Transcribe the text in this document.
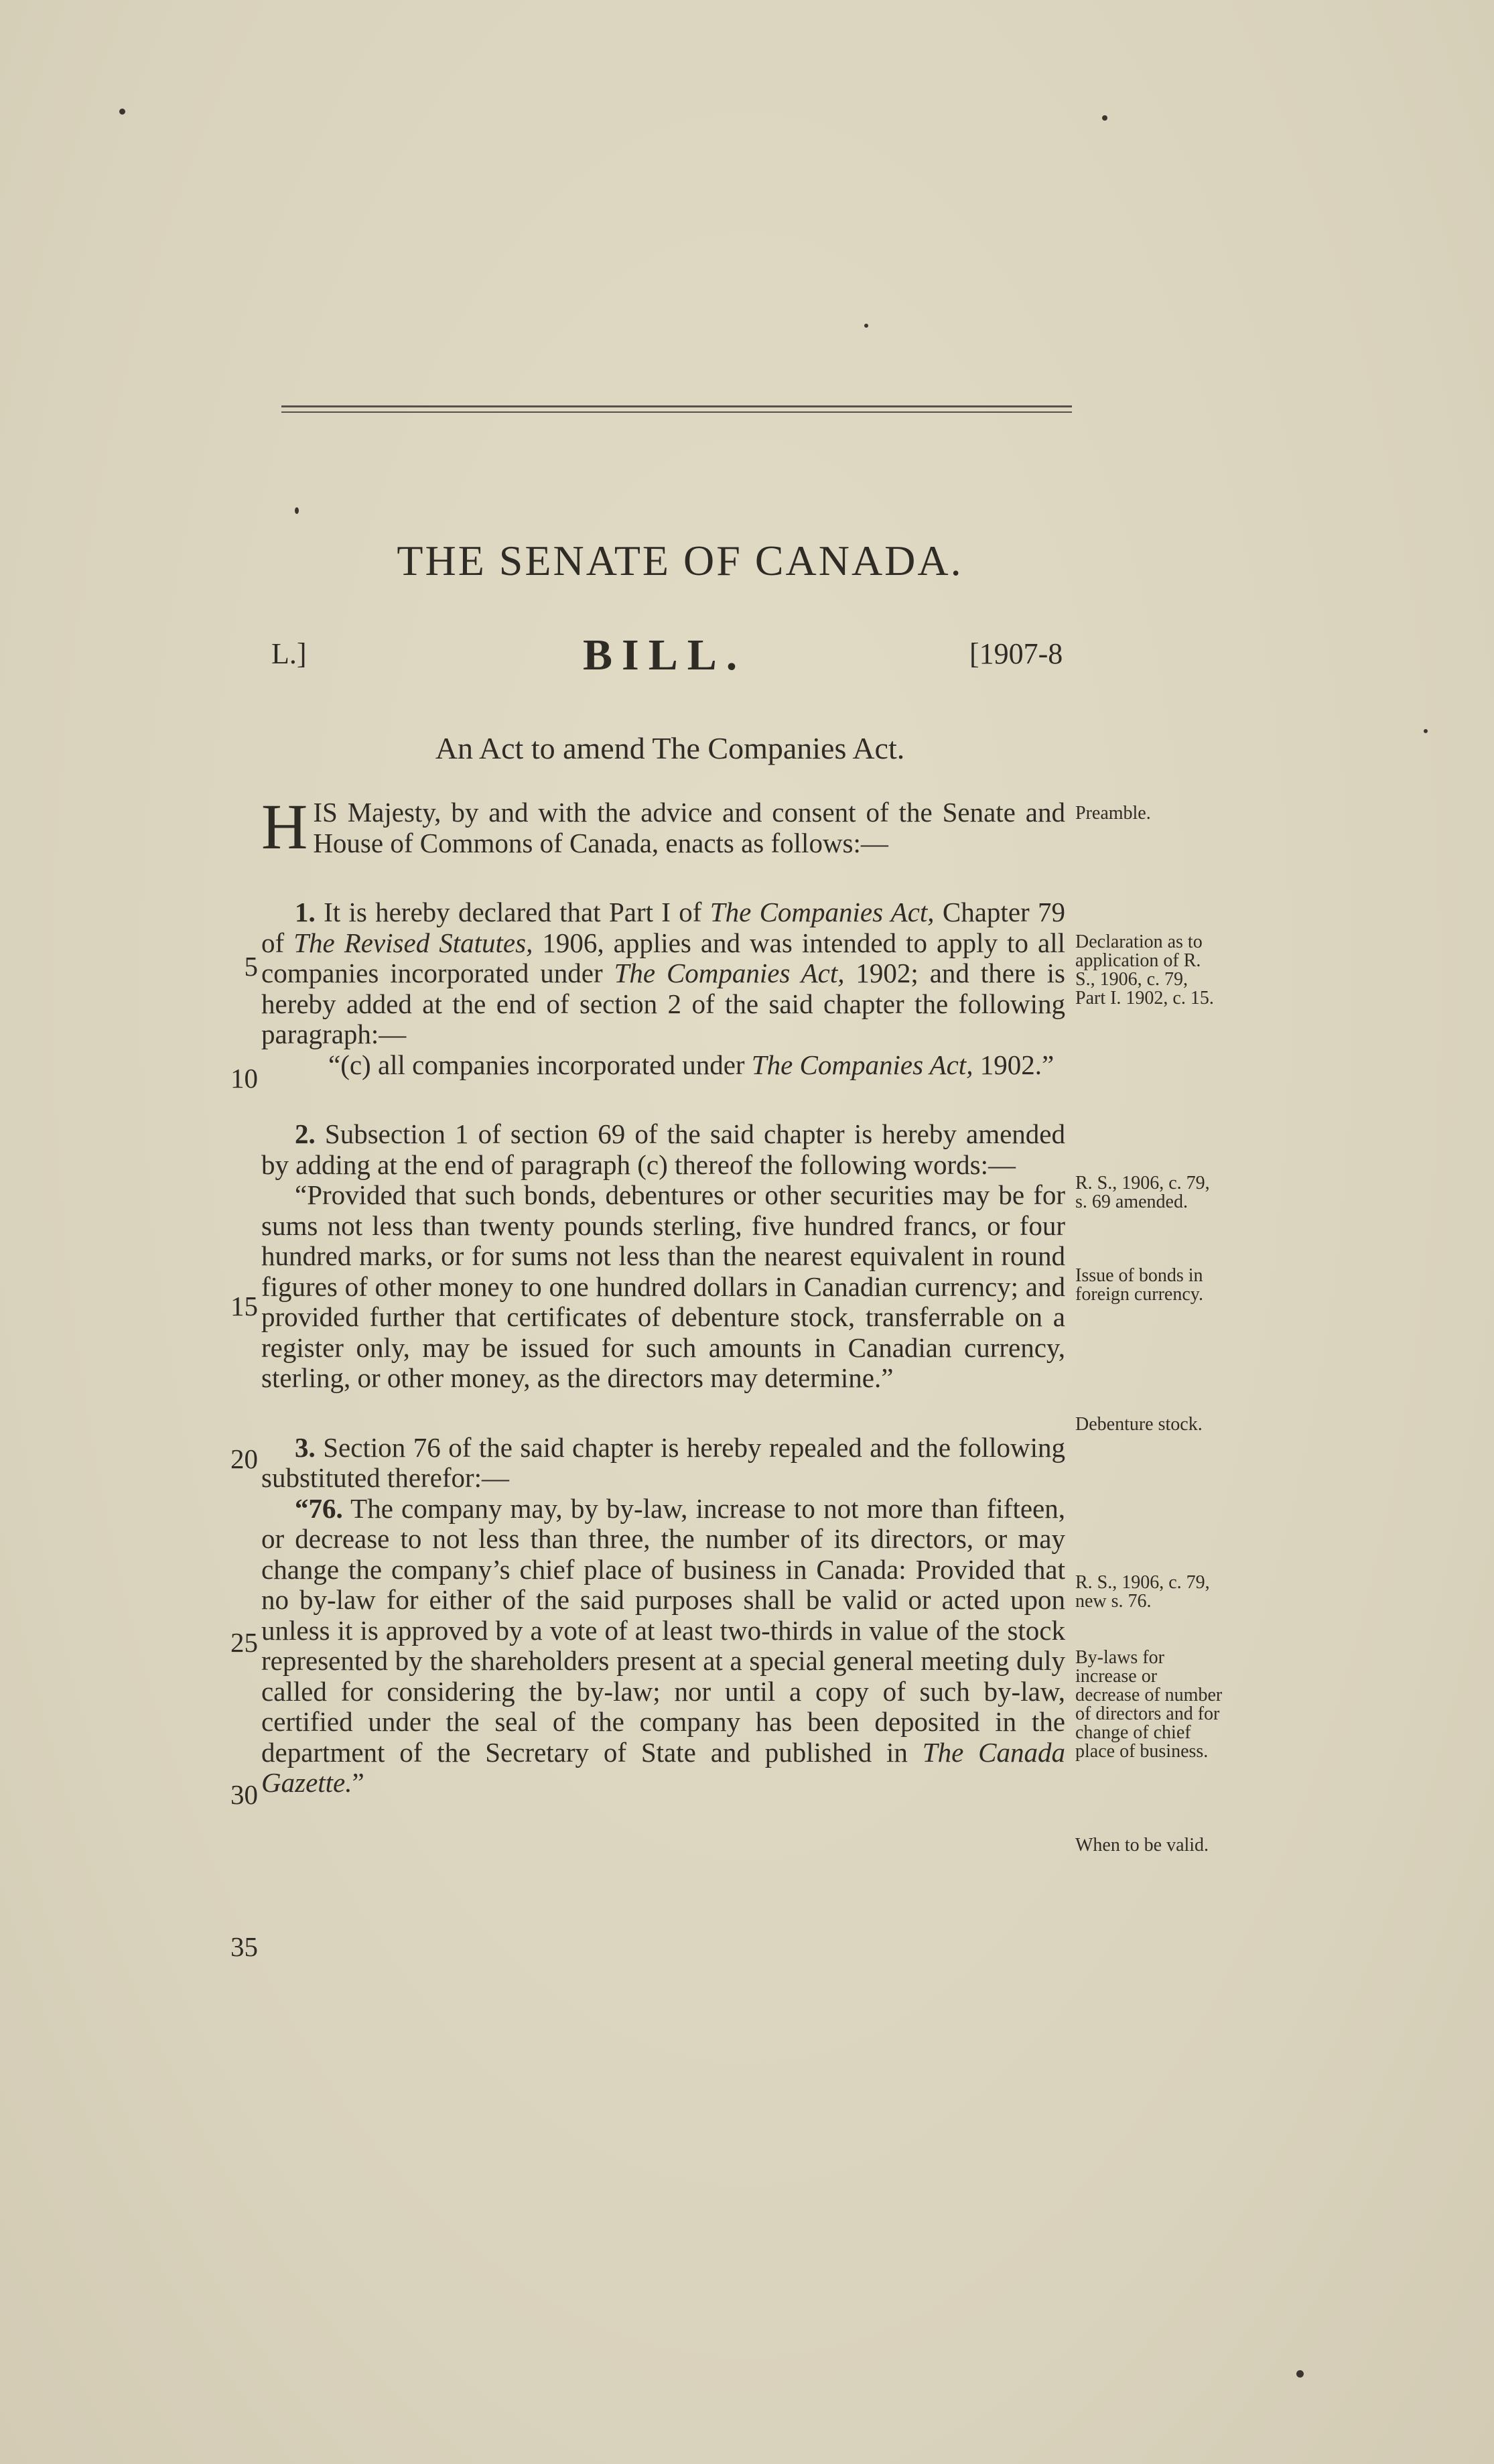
THE SENATE OF CANADA.
L.]	BILL.	[1907-8
An Act to amend The Companies Act.
5
10
15
20
25
30
35

HIS Majesty, by and with the advice and consent of the Senate and House of Commons of Canada, enacts as follows:—

1. It is hereby declared that Part I of The Companies Act, Chapter 79 of The Revised Statutes, 1906, applies and was intended to apply to all companies incorporated under The Companies Act, 1902; and there is hereby added at the end of section 2 of the said chapter the following paragraph:—

“(c) all companies incorporated under The Companies Act, 1902.”

2. Subsection 1 of section 69 of the said chapter is hereby amended by adding at the end of paragraph (c) thereof the following words:—

“Provided that such bonds, debentures or other securities may be for sums not less than twenty pounds sterling, five hundred francs, or four hundred marks, or for sums not less than the nearest equivalent in round figures of other money to one hundred dollars in Canadian currency; and provided further that certificates of debenture stock, transferrable on a register only, may be issued for such amounts in Canadian currency, sterling, or other money, as the directors may determine.”

3. Section 76 of the said chapter is hereby repealed and the following substituted therefor:—

“76. The company may, by by-law, increase to not more than fifteen, or decrease to not less than three, the number of its directors, or may change the company’s chief place of business in Canada: Provided that no by-law for either of the said purposes shall be valid or acted upon unless it is approved by a vote of at least two-thirds in value of the stock represented by the shareholders present at a special general meeting duly called for considering the by-law; nor until a copy of such by-law, certified under the seal of the company has been deposited in the department of the Secretary of State and published in The Canada Gazette.”

Preamble.
Declaration as to application of R. S., 1906, c. 79, Part I. 1902, c. 15.
R. S., 1906, c. 79, s. 69 amended.
Issue of bonds in foreign currency.
Debenture stock.
R. S., 1906, c. 79, new s. 76.
By-laws for increase or decrease of number of directors and for change of chief place of business.
When to be valid.
